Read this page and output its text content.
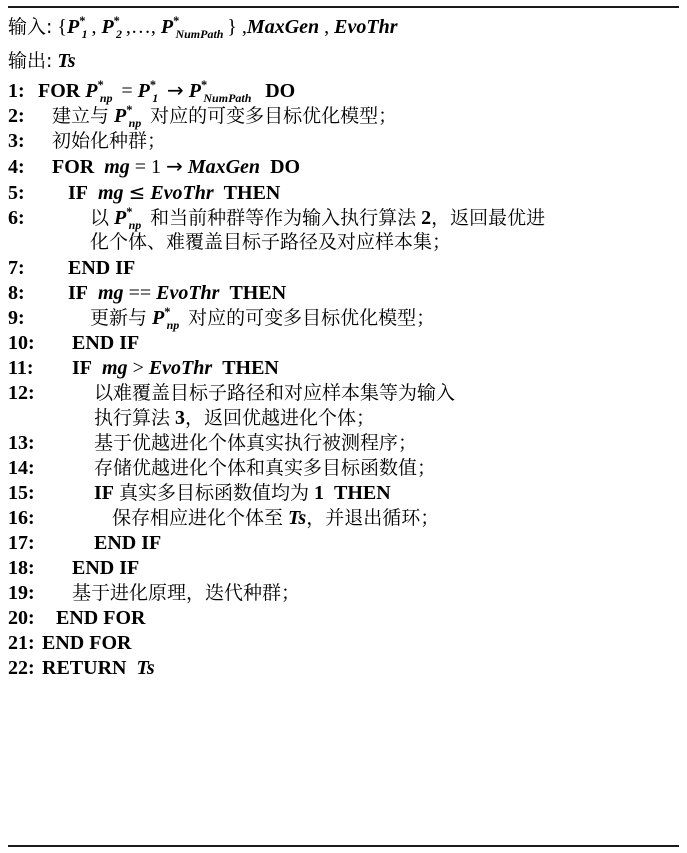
输入: {$P^*_1$ , $P^*_2$ ,…, $P^*_{NumPath}$ } ,MaxGen , EvoThr
输出: Ts
1: FOR $P^*_{np} = P^*_1 \to P^*_{NumPath}$ DO
2:	建立与 $P^*_{np}$ 对应的可变多目标优化模型；
3:	初始化种群；
4:	FOR mg = 1 → MaxGen DO
5:	IF mg ≤ EvoThr THEN
6:	以 $P^*_{np}$ 和当前种群等作为输入执行算法 2，返回最优进
化个体、难覆盖目标子路径及对应样本集；
7:	END IF
8:	IF mg == EvoThr THEN
9:	更新与 $P^*_{np}$ 对应的可变多目标优化模型；
10:	END IF
11:	IF mg > EvoThr THEN
12:	以难覆盖目标子路径和对应样本集等为输入
执行算法 3，返回优越进化个体；
13:	基于优越进化个体真实执行被测程序；
14:	存储优越进化个体和真实多目标函数值；
15:	IF 真实多目标函数值均为 1 THEN
16:	保存相应进化个体至 Ts，并退出循环；
17:	END IF
18:	END IF
19:	基于进化原理，迭代种群；
20:	END FOR
21: END FOR
22: RETURN Ts
